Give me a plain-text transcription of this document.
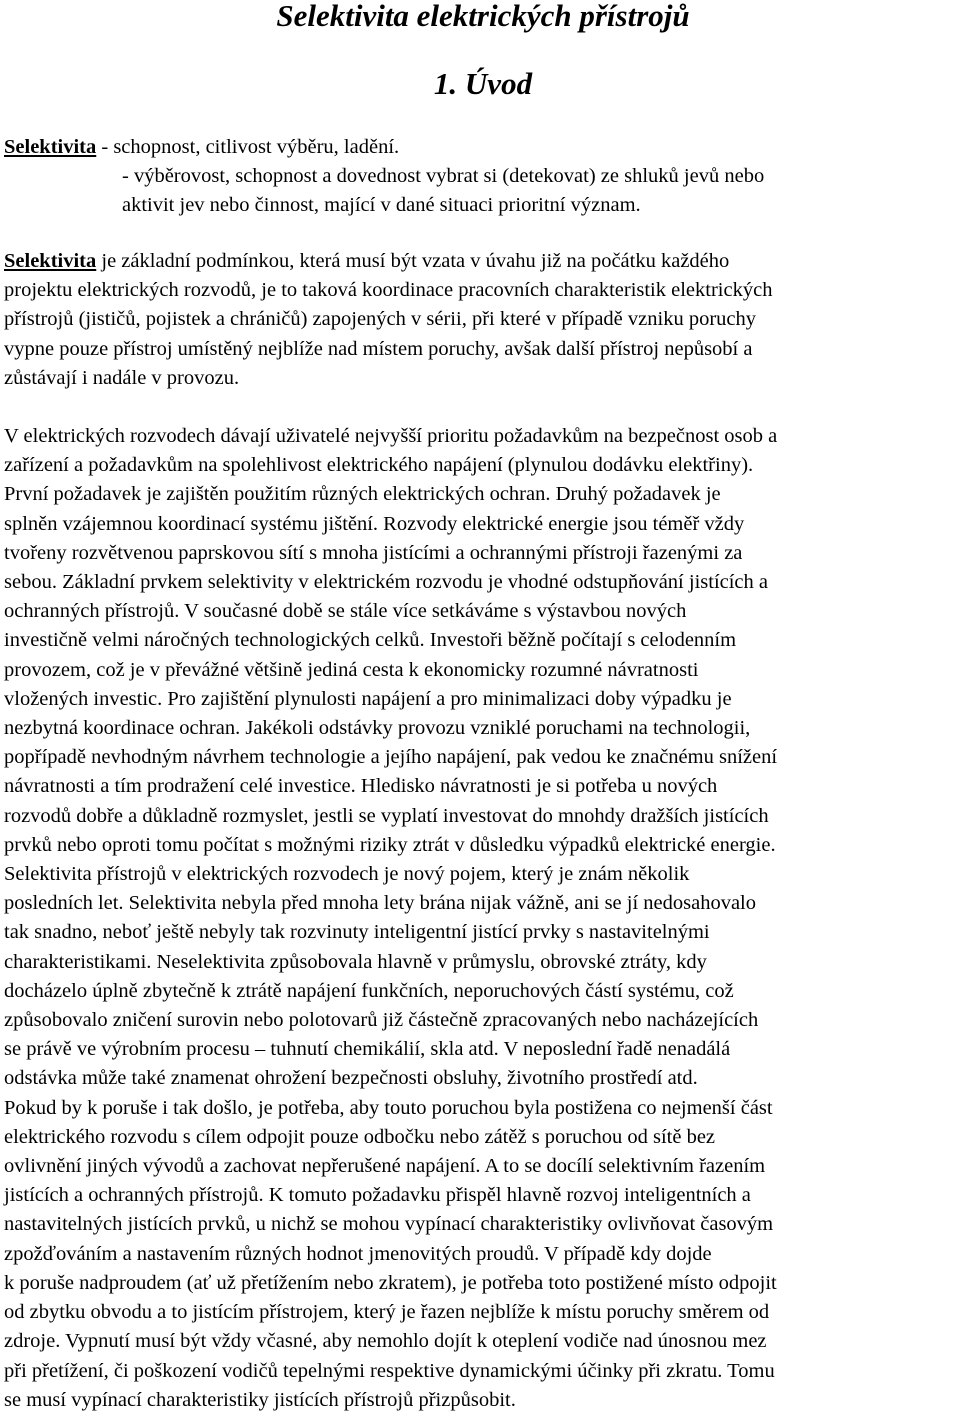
Selektivita elektrických přístrojů
1. Úvod
Selektivita - schopnost, citlivost výběru, ladění.
- výběrovost, schopnost a dovednost vybrat si (detekovat) ze shluků jevů nebo
aktivit jev nebo činnost, mající v dané situaci prioritní význam.

Selektivita je základní podmínkou, která musí být vzata v úvahu již na počátku každého
projektu elektrických rozvodů, je to taková koordinace pracovních charakteristik elektrických
přístrojů (jističů, pojistek a chráničů) zapojených v sérii, při které v případě vzniku poruchy
vypne pouze přístroj umístěný nejblíže nad místem poruchy, avšak další přístroj nepůsobí a
zůstávají i nadále v provozu.

V elektrických rozvodech dávají uživatelé nejvyšší prioritu požadavkům na bezpečnost osob a
zařízení a požadavkům na spolehlivost elektrického napájení (plynulou dodávku elektřiny).
První požadavek je zajištěn použitím různých elektrických ochran. Druhý požadavek je
splněn vzájemnou koordinací systému jištění. Rozvody elektrické energie jsou téměř vždy
tvořeny rozvětvenou paprskovou sítí s mnoha jistícími a ochrannými přístroji řazenými za
sebou. Základní prvkem selektivity v elektrickém rozvodu je vhodné odstupňování jistících a
ochranných přístrojů. V současné době se stále více setkáváme s výstavbou nových
investičně velmi náročných technologických celků. Investoři běžně počítají s celodenním
provozem, což je v převážné většině jediná cesta k ekonomicky rozumné návratnosti
vložených investic. Pro zajištění plynulosti napájení a pro minimalizaci doby výpadku je
nezbytná koordinace ochran. Jakékoli odstávky provozu vzniklé poruchami na technologii,
popřípadě nevhodným návrhem technologie a jejího napájení, pak vedou ke značnému snížení
návratnosti a tím prodražení celé investice. Hledisko návratnosti je si potřeba u nových
rozvodů dobře a důkladně rozmyslet, jestli se vyplatí investovat do mnohdy dražších jistících
prvků nebo oproti tomu počítat s možnými riziky ztrát v důsledku výpadků elektrické energie.
Selektivita přístrojů v elektrických rozvodech je nový pojem, který je znám několik
posledních let. Selektivita nebyla před mnoha lety brána nijak vážně, ani se jí nedosahovalo
tak snadno, neboť ještě nebyly tak rozvinuty inteligentní jistící prvky s nastavitelnými
charakteristikami. Neselektivita způsobovala hlavně v průmyslu, obrovské ztráty, kdy
docházelo úplně zbytečně k ztrátě napájení funkčních, neporuchových částí systému, což
způsobovalo zničení surovin nebo polotovarů již částečně zpracovaných nebo nacházejících
se právě ve výrobním procesu – tuhnutí chemikálií, skla atd. V neposlední řadě nenadálá
odstávka může také znamenat ohrožení bezpečnosti obsluhy, životního prostředí atd.
Pokud by k poruše i tak došlo, je potřeba, aby touto poruchou byla postižena co nejmenší část
elektrického rozvodu s cílem odpojit pouze odbočku nebo zátěž s poruchou od sítě bez
ovlivnění jiných vývodů a zachovat nepřerušené napájení. A to se docílí selektivním řazením
jistících a ochranných přístrojů. K tomuto požadavku přispěl hlavně rozvoj inteligentních a
nastavitelných jistících prvků, u nichž se mohou vypínací charakteristiky ovlivňovat časovým
zpožďováním a nastavením různých hodnot jmenovitých proudů. V případě kdy dojde
k poruše nadproudem (ať už přetížením nebo zkratem), je potřeba toto postižené místo odpojit
od zbytku obvodu a to jistícím přístrojem, který je řazen nejblíže k místu poruchy směrem od
zdroje. Vypnutí musí být vždy včasné, aby nemohlo dojít k oteplení vodiče nad únosnou mez
při přetížení, či poškození vodičů tepelnými respektive dynamickými účinky při zkratu. Tomu
se musí vypínací charakteristiky jistících přístrojů přizpůsobit.
